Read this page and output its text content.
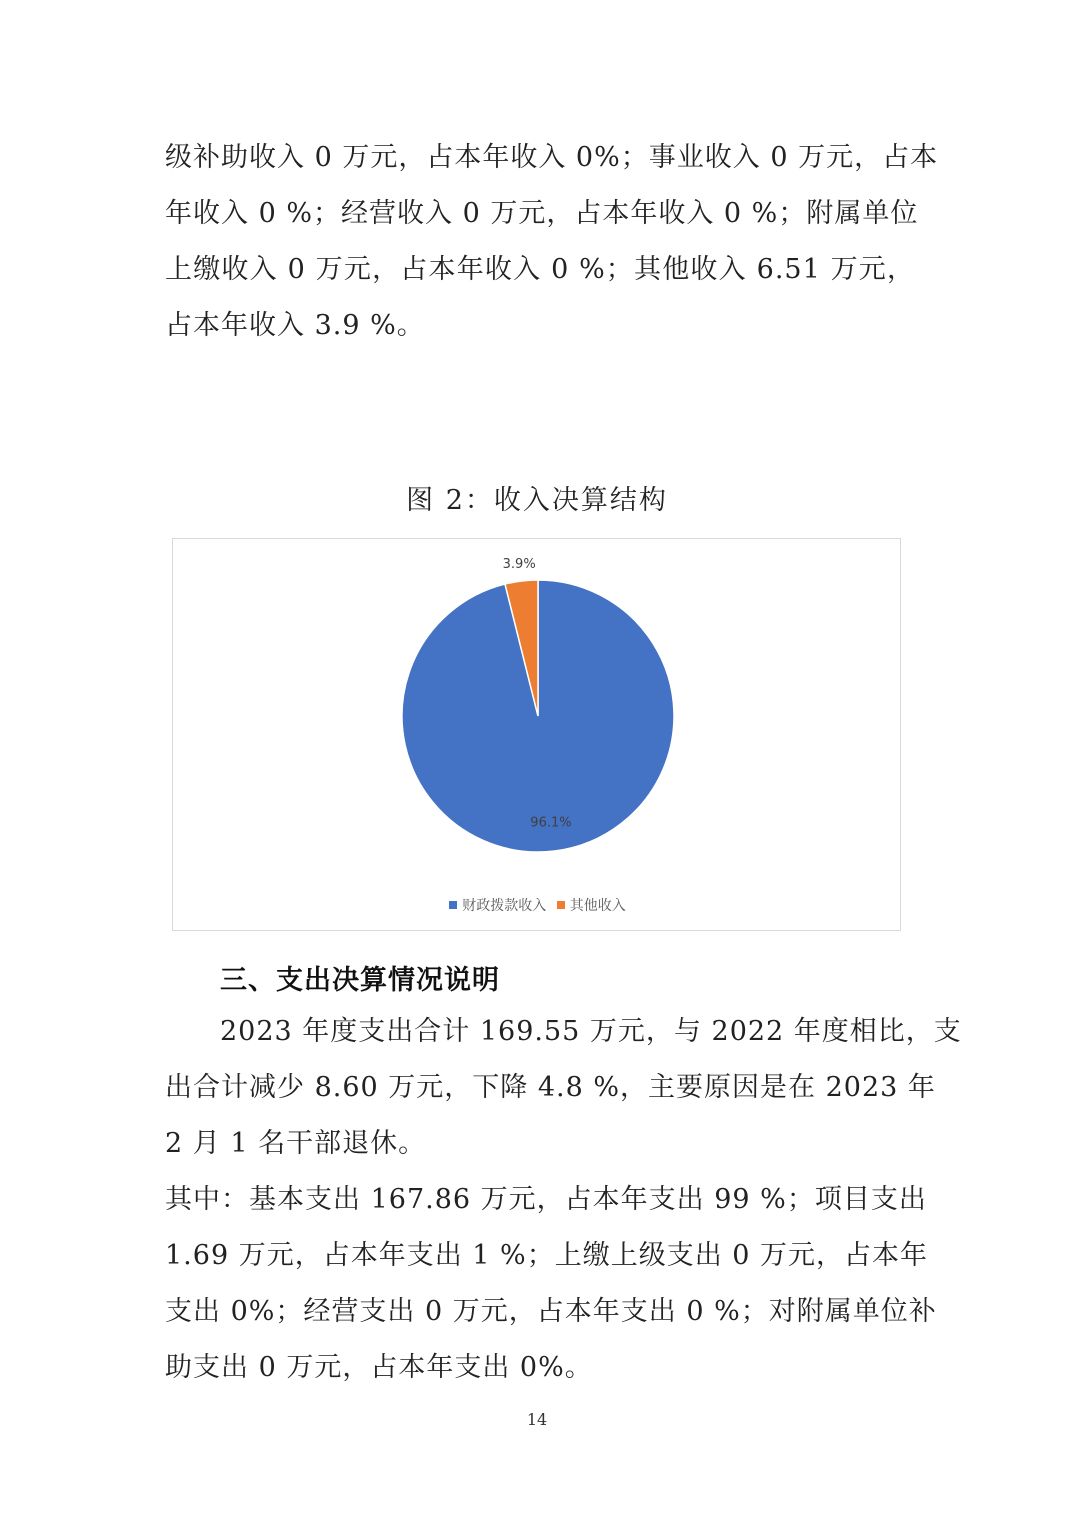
级补助收入 0 万元，占本年收入 0%；事业收入 0 万元，占本
年收入 0 %；经营收入 0 万元，占本年收入 0 %；附属单位
上缴收入 0 万元，占本年收入 0 %；其他收入 6.51 万元，
占本年收入 3.9 %。
图 2：收入决算结构
96.1%
3.9%
财政拨款收入 其他收入
三、支出决算情况说明
2023 年度支出合计 169.55 万元，与 2022 年度相比，支
出合计减少 8.60 万元，下降 4.8 %，主要原因是在 2023 年
2 月 1 名干部退休。
其中：基本支出 167.86 万元，占本年支出 99 %；项目支出
1.69 万元，占本年支出 1 %；上缴上级支出 0 万元，占本年
支出 0%；经营支出 0 万元，占本年支出 0 %；对附属单位补
助支出 0 万元，占本年支出 0%。
14
